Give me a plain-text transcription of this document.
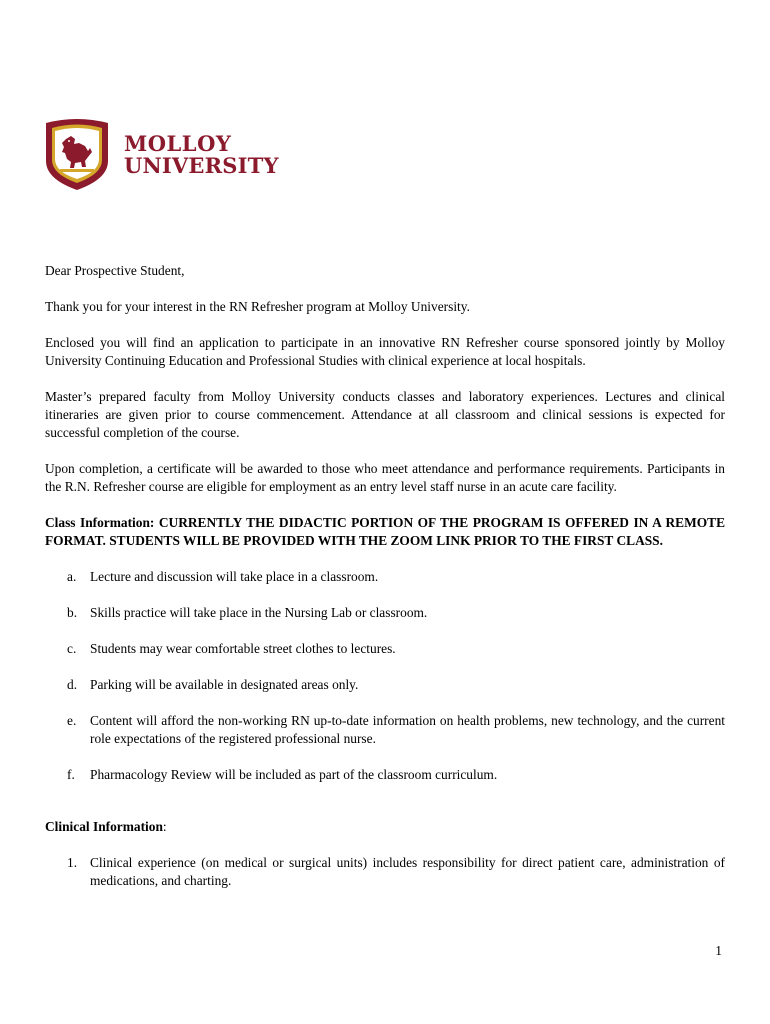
MOLLOY
UNIVERSITY

Dear Prospective Student,

Thank you for your interest in the RN Refresher program at Molloy University.

Enclosed you will find an application to participate in an innovative RN Refresher course sponsored jointly by Molloy University Continuing Education and Professional Studies with clinical experience at local hospitals.

Master’s prepared faculty from Molloy University conducts classes and laboratory experiences. Lectures and clinical itineraries are given prior to course commencement. Attendance at all classroom and clinical sessions is expected for successful completion of the course.

Upon completion, a certificate will be awarded to those who meet attendance and performance requirements. Participants in the R.N. Refresher course are eligible for employment as an entry level staff nurse in an acute care facility.

Class Information: CURRENTLY THE DIDACTIC PORTION OF THE PROGRAM IS OFFERED IN A REMOTE FORMAT. STUDENTS WILL BE PROVIDED WITH THE ZOOM LINK PRIOR TO THE FIRST CLASS.

a.	Lecture and discussion will take place in a classroom.
b. Skills practice will take place in the Nursing Lab or classroom.
c.	Students may wear comfortable street clothes to lectures.
d. Parking will be available in designated areas only.
e.	Content will afford the non-working RN up-to-date information on health problems, new technology, and the current role expectations of the registered professional nurse.
f.	Pharmacology Review will be included as part of the classroom curriculum.

Clinical Information:

1. Clinical experience (on medical or surgical units) includes responsibility for direct patient care, administration of medications, and charting.
1
